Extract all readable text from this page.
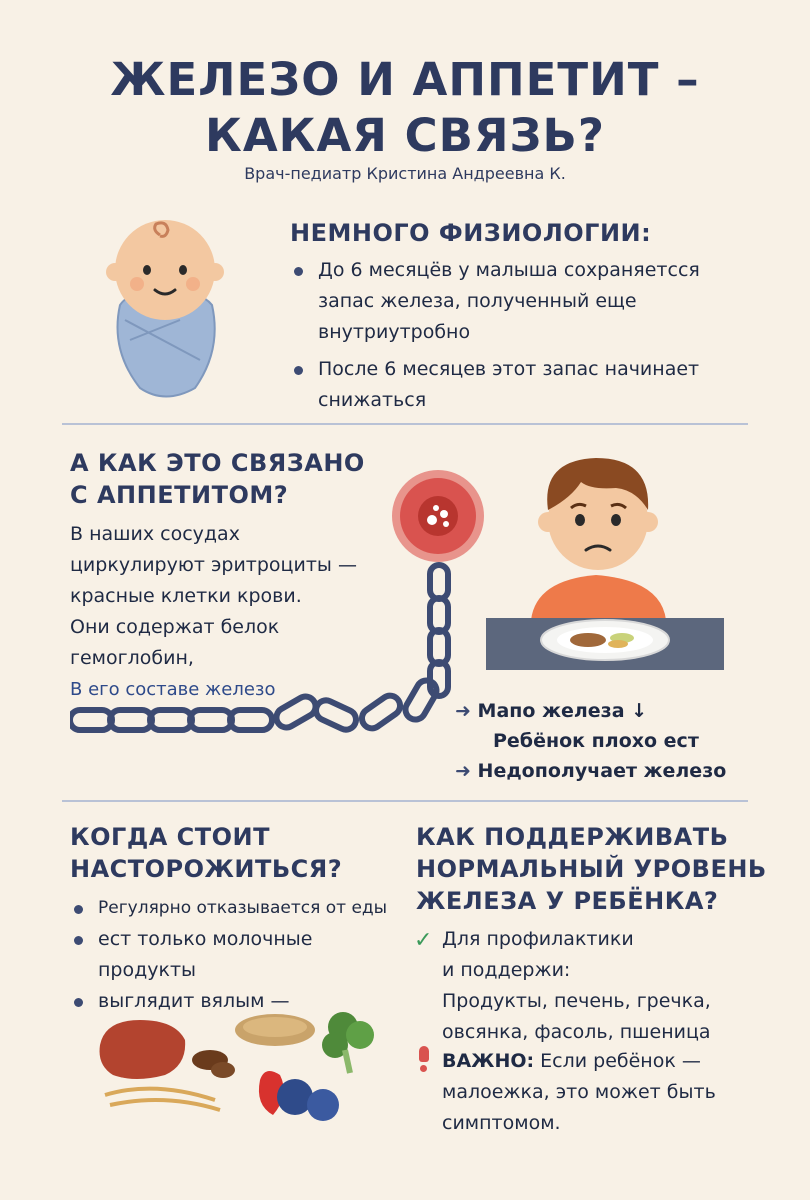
ЖЕЛЕЗО И АППЕТИТ –
КАКАЯ СВЯЗЬ?
Врач-педиатр Кристина Андреевна К.
НЕМНОГО ФИЗИОЛОГИИ:
До 6 месяцёв у малыша сохраняетсся запас железа, полученный еще внутриутробно
После 6 месяцев этот запас начинает снижаться
А КАК ЭТО СВЯЗАНО
С АППЕТИТОМ?
В наших сосудах
циркулируют эритроциты —
красные клетки крови.
Они содержат белок
гемоглобин,
В его составе железо
➜ Мапо железа ↓
Ребёнок плохо ест
➜ Недополучает железо
КОГДА СТОИТ
НАСТОРОЖИТЬСЯ?
Регулярно отказывается от еды
ест только молочные продукты
выглядит вялым —
КАК ПОДДЕРЖИВАТЬ
НОРМАЛЬНЫЙ УРОВЕНЬ
ЖЕЛЕЗА У РЕБЁНКА?
✓ Для профилактики
и поддержи:
Продукты, печень, гречка,
овсянка, фасоль, пшеница
ВАЖНО: Если ребёнок —
малоежка, это может быть
симптомом.
